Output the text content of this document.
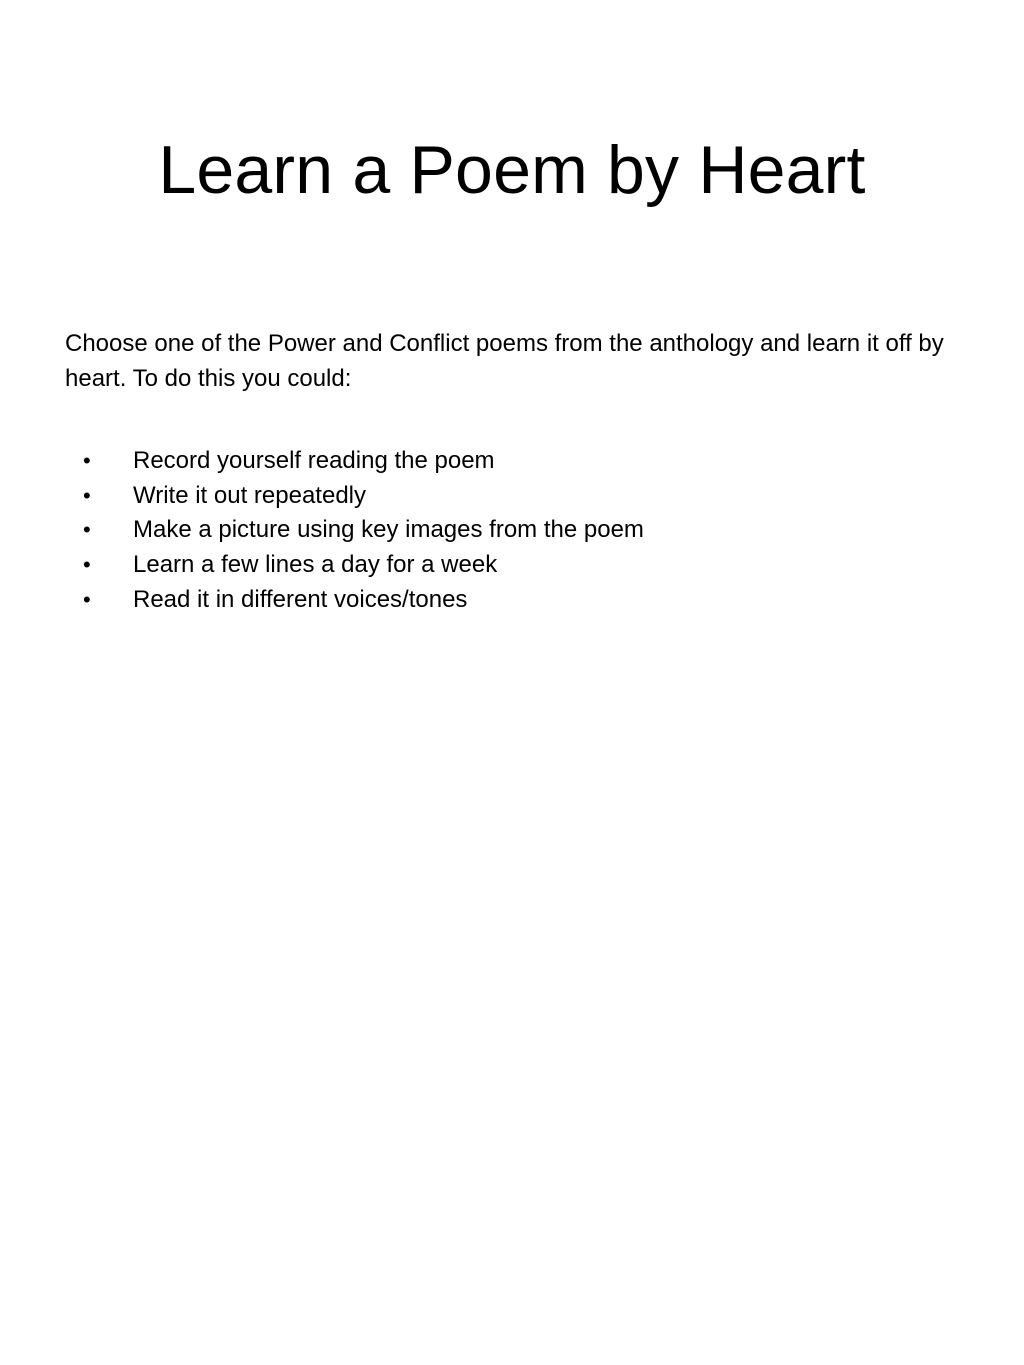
Learn a Poem by Heart

Choose one of the Power and Conflict poems from the anthology and learn it off by heart. To do this you could:

• Record yourself reading the poem
• Write it out repeatedly
• Make a picture using key images from the poem
• Learn a few lines a day for a week
• Read it in different voices/tones
